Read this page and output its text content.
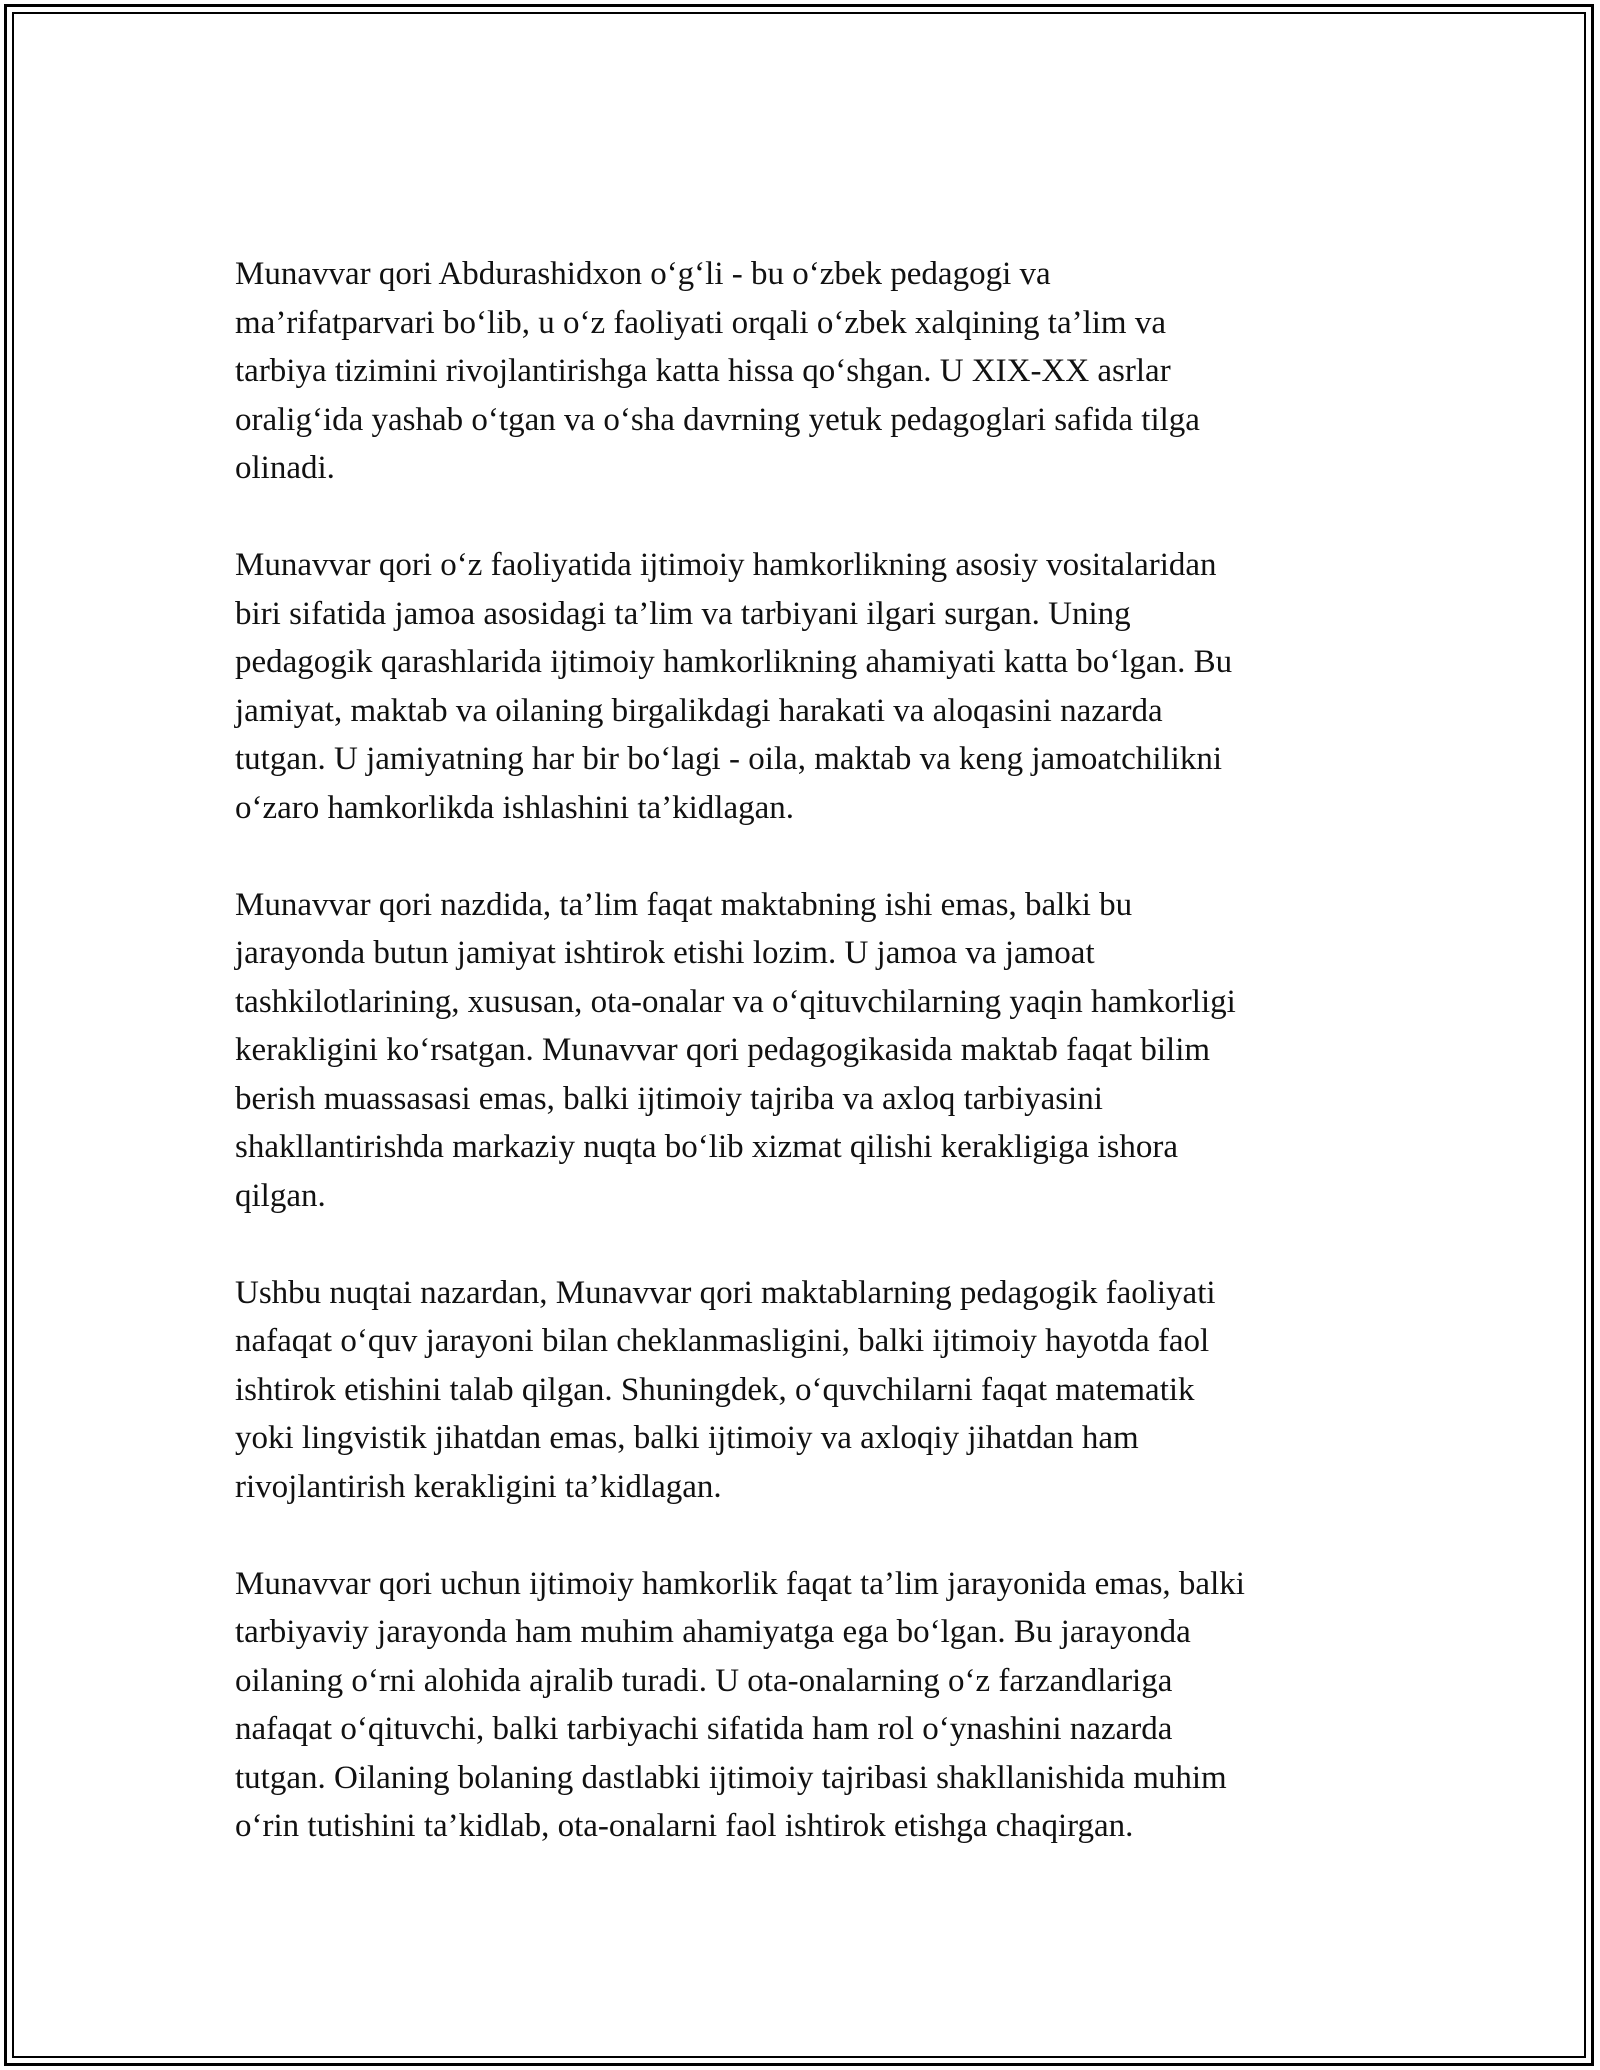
Munavvar qori Abdurashidxon o‘g‘li - bu o‘zbek pedagogi va
ma’rifatparvari bo‘lib, u o‘z faoliyati orqali o‘zbek xalqining ta’lim va
tarbiya tizimini rivojlantirishga katta hissa qo‘shgan. U XIX-XX asrlar
oralig‘ida yashab o‘tgan va o‘sha davrning yetuk pedagoglari safida tilga
olinadi.

Munavvar qori o‘z faoliyatida ijtimoiy hamkorlikning asosiy vositalaridan
biri sifatida jamoa asosidagi ta’lim va tarbiyani ilgari surgan. Uning
pedagogik qarashlarida ijtimoiy hamkorlikning ahamiyati katta bo‘lgan. Bu
jamiyat, maktab va oilaning birgalikdagi harakati va aloqasini nazarda
tutgan. U jamiyatning har bir bo‘lagi - oila, maktab va keng jamoatchilikni
o‘zaro hamkorlikda ishlashini ta’kidlagan.

Munavvar qori nazdida, ta’lim faqat maktabning ishi emas, balki bu
jarayonda butun jamiyat ishtirok etishi lozim. U jamoa va jamoat
tashkilotlarining, xususan, ota-onalar va o‘qituvchilarning yaqin hamkorligi
kerakligini ko‘rsatgan. Munavvar qori pedagogikasida maktab faqat bilim
berish muassasasi emas, balki ijtimoiy tajriba va axloq tarbiyasini
shakllantirishda markaziy nuqta bo‘lib xizmat qilishi kerakligiga ishora
qilgan.

Ushbu nuqtai nazardan, Munavvar qori maktablarning pedagogik faoliyati
nafaqat o‘quv jarayoni bilan cheklanmasligini, balki ijtimoiy hayotda faol
ishtirok etishini talab qilgan. Shuningdek, o‘quvchilarni faqat matematik
yoki lingvistik jihatdan emas, balki ijtimoiy va axloqiy jihatdan ham
rivojlantirish kerakligini ta’kidlagan.

Munavvar qori uchun ijtimoiy hamkorlik faqat ta’lim jarayonida emas, balki
tarbiyaviy jarayonda ham muhim ahamiyatga ega bo‘lgan. Bu jarayonda
oilaning o‘rni alohida ajralib turadi. U ota-onalarning o‘z farzandlariga
nafaqat o‘qituvchi, balki tarbiyachi sifatida ham rol o‘ynashini nazarda
tutgan. Oilaning bolaning dastlabki ijtimoiy tajribasi shakllanishida muhim
o‘rin tutishini ta’kidlab, ota-onalarni faol ishtirok etishga chaqirgan.
